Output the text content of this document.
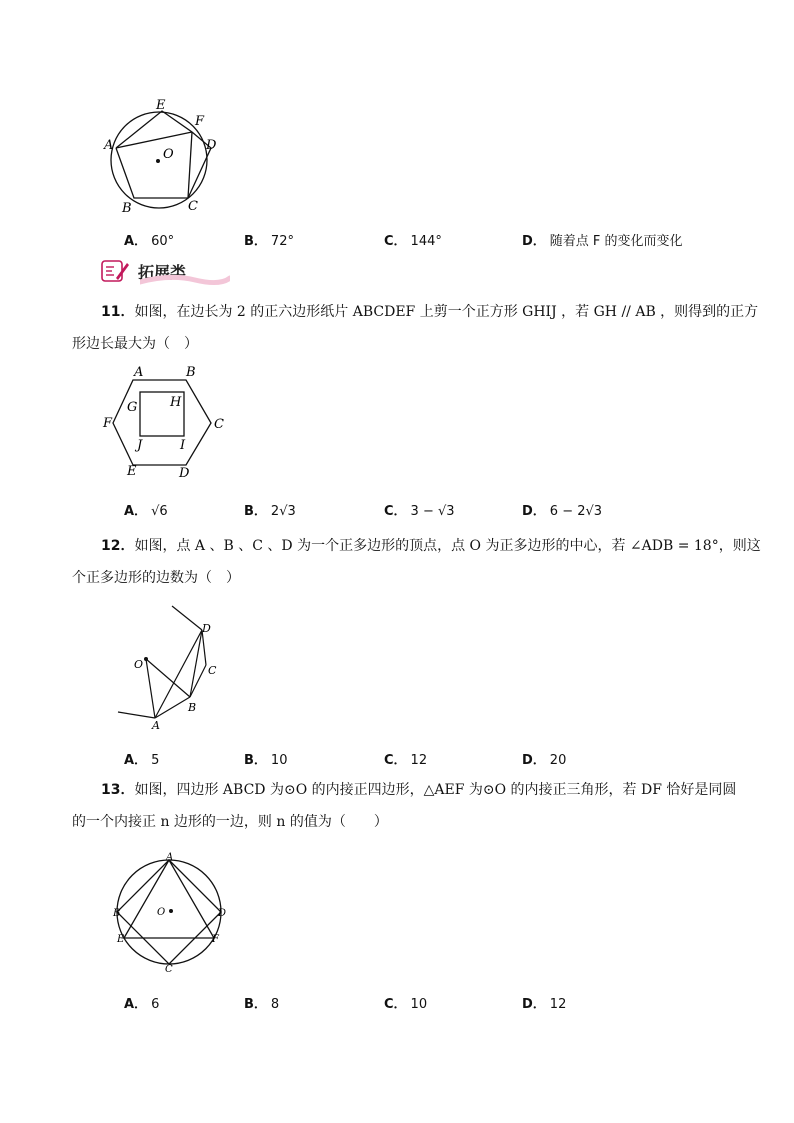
E
F
A
O
D
B	C
A． 60°	B． 72°	C． 144°	D． 随着点 F 的变化而变化
拓展类
11．如图，在边长为 2 的正六边形纸片 ABCDEF 上剪一个正方形 GHIJ ，若 GH // AB ，则得到的正方
形边长最大为（　）
A	B
F	C
G	H
J	I
E	D
A． √6	B． 2√3	C． 3 − √3	D． 6 − 2√3
12．如图，点 A 、B 、C 、D 为一个正多边形的顶点，点 O 为正多边形的中心，若 ∠ADB = 18°，则这
个正多边形的边数为（　）
D
O	C
B
A
A． 5	B． 10	C． 12	D． 20
13．如图，四边形 ABCD 为⊙O 的内接正四边形，△AEF 为⊙O 的内接正三角形，若 DF 恰好是同圆
的一个内接正 n 边形的一边，则 n 的值为（　　）
A
B	O	D
E	F
C
A． 6	B． 8	C． 10	D． 12
